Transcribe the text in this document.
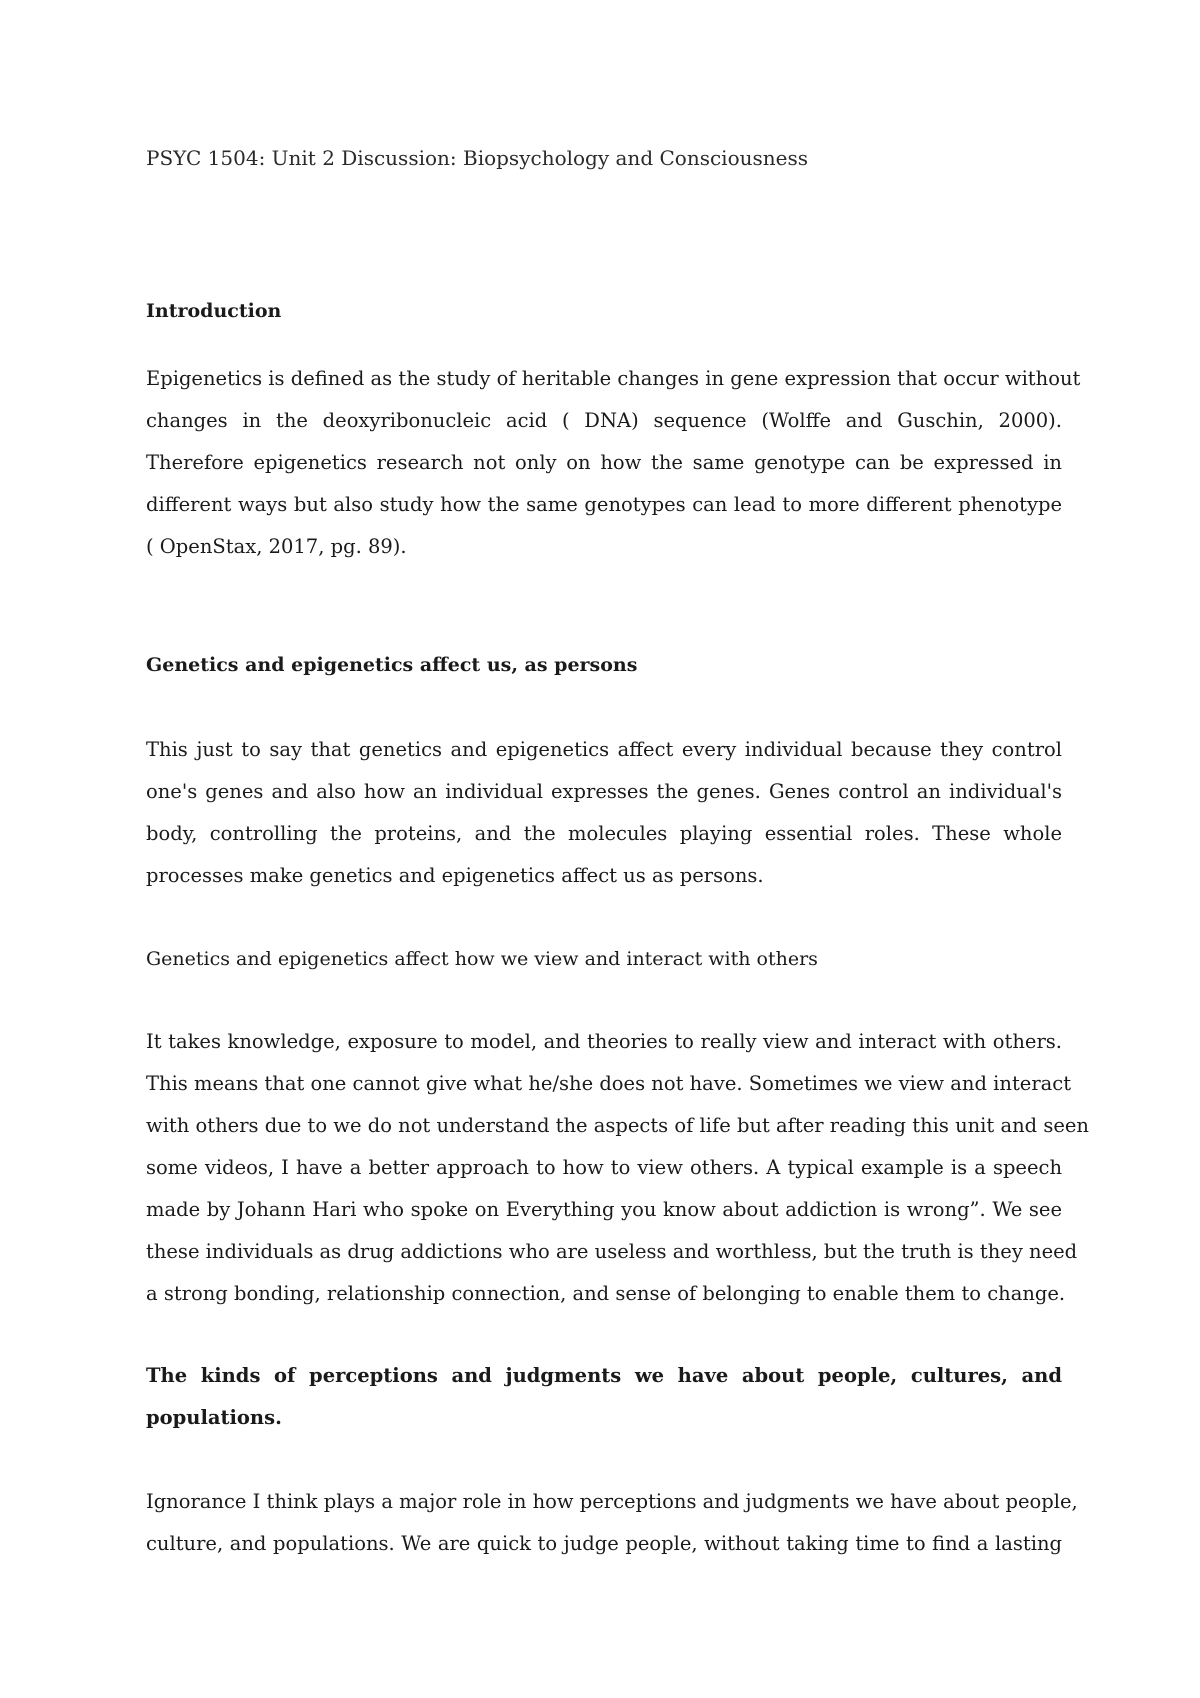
PSYC 1504: Unit 2 Discussion: Biopsychology and Consciousness
Introduction
Epigenetics is defined as the study of heritable changes in gene expression that occur without
changes in the deoxyribonucleic acid ( DNA) sequence (Wolffe and Guschin, 2000).
Therefore epigenetics research not only on how the same genotype can be expressed in
different ways but also study how the same genotypes can lead to more different phenotype
( OpenStax, 2017, pg. 89).
Genetics and epigenetics affect us, as persons
This just to say that genetics and epigenetics affect every individual because they control
one's genes and also how an individual expresses the genes. Genes control an individual's
body, controlling the proteins, and the molecules playing essential roles. These whole
processes make genetics and epigenetics affect us as persons.
Genetics and epigenetics affect how we view and interact with others
It takes knowledge, exposure to model, and theories to really view and interact with others.
This means that one cannot give what he/she does not have. Sometimes we view and interact
with others due to we do not understand the aspects of life but after reading this unit and seen
some videos, I have a better approach to how to view others. A typical example is a speech
made by Johann Hari who spoke on Everything you know about addiction is wrong”. We see
these individuals as drug addictions who are useless and worthless, but the truth is they need
a strong bonding, relationship connection, and sense of belonging to enable them to change.
The kinds of perceptions and judgments we have about people, cultures, and
populations.
Ignorance I think plays a major role in how perceptions and judgments we have about people,
culture, and populations. We are quick to judge people, without taking time to find a lasting
